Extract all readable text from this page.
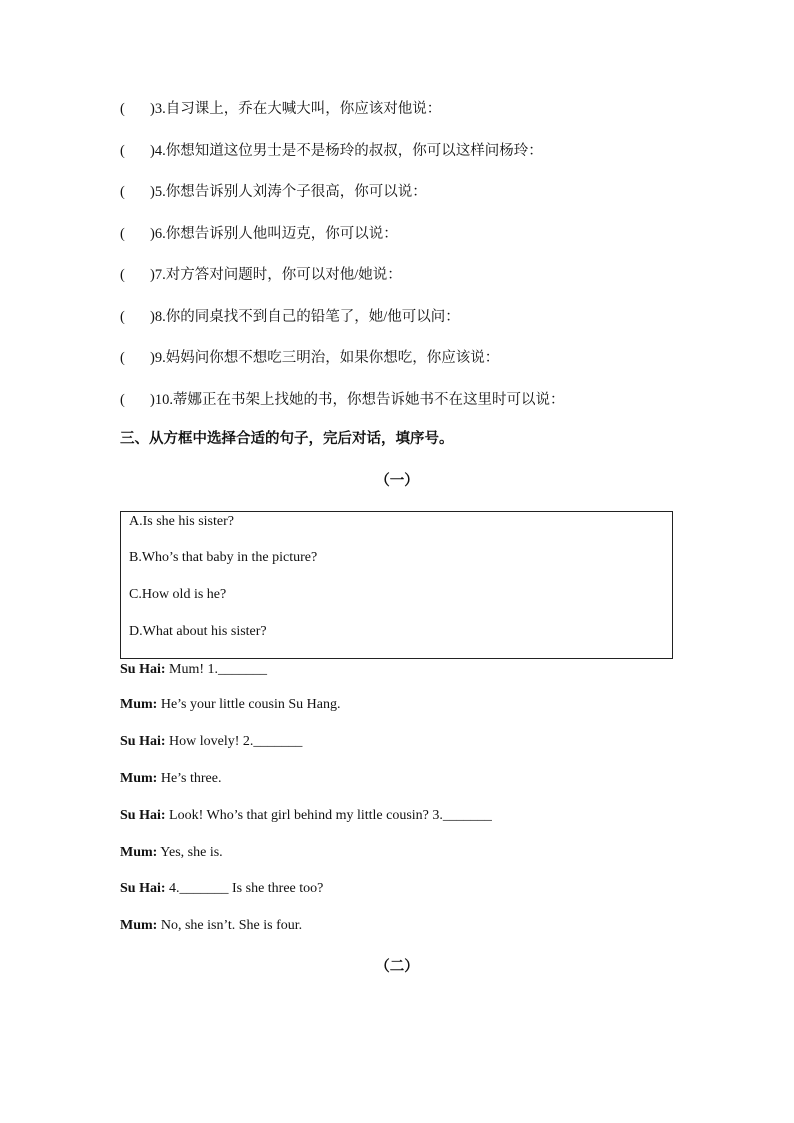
(	)3.自习课上，乔在大喊大叫，你应该对他说：
(	)4.你想知道这位男士是不是杨玲的叔叔，你可以这样问杨玲：
(	)5.你想告诉别人刘涛个子很高，你可以说：
(	)6.你想告诉别人他叫迈克，你可以说：
(	)7.对方答对问题时，你可以对他/她说：
(	)8.你的同桌找不到自己的铅笔了，她/他可以问：
(	)9.妈妈问你想不想吃三明治，如果你想吃，你应该说：
(	)10.蒂娜正在书架上找她的书，你想告诉她书不在这里时可以说：
三、从方框中选择合适的句子，完后对话，填序号。
（一）
A.Is she his sister?
B.Who’s that baby in the picture?
C.How old is he?
D.What about his sister?
Su Hai: Mum! 1._______
Mum: He’s your little cousin Su Hang.
Su Hai: How lovely! 2._______
Mum: He’s three.
Su Hai: Look! Who’s that girl behind my little cousin? 3._______
Mum: Yes, she is.
Su Hai: 4._______ Is she three too?
Mum: No, she isn’t. She is four.
（二）
